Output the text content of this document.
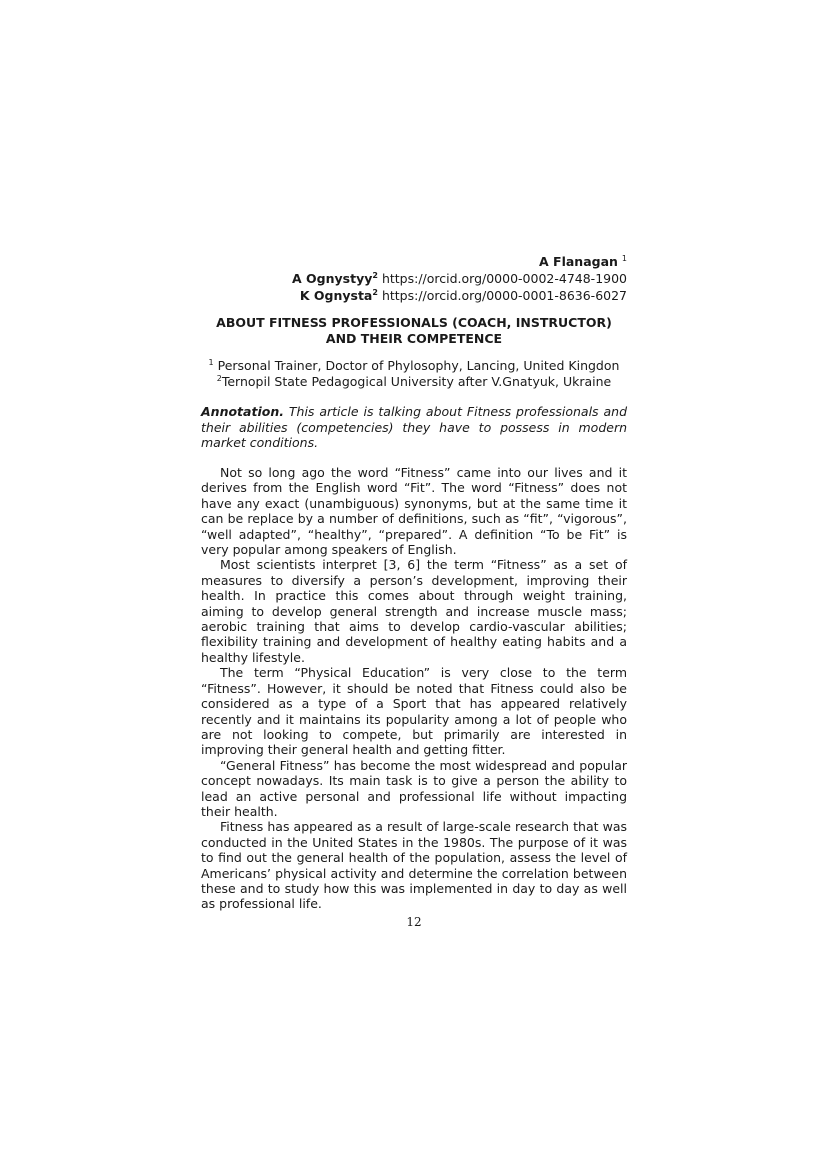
A Flanagan $^1$
A Ognystyy$^2$ https://orcid.org/0000-0002-4748-1900
K Ognysta$^2$ https://orcid.org/0000-0001-8636-6027
ABOUT FITNESS PROFESSIONALS (COACH, INSTRUCTOR)
AND THEIR COMPETENCE
$^1$ Personal Trainer, Doctor of Phylosophy, Lancing, United Kingdon
$^2$Ternopil State Pedagogical University after V.Gnatyuk, Ukraine
Annotation. This article is talking about Fitness professionals and their abilities (competencies) they have to possess in modern market conditions.

Not so long ago the word “Fitness” came into our lives and it derives from the English word “Fit”. The word “Fitness” does not have any exact (unambiguous) synonyms, but at the same time it can be replace by a number of definitions, such as “fit”, “vigorous”, “well adapted”, “healthy”, “prepared”. A definition “To be Fit” is very popular among speakers of English.

Most scientists interpret [3, 6] the term “Fitness” as a set of measures to diversify a person’s development, improving their health. In practice this comes about through weight training, aiming to develop general strength and increase muscle mass; aerobic training that aims to develop cardio-vascular abilities; flexibility training and development of healthy eating habits and a healthy lifestyle.

The term “Physical Education” is very close to the term “Fitness”. However, it should be noted that Fitness could also be considered as a type of a Sport that has appeared relatively recently and it maintains its popularity among a lot of people who are not looking to compete, but primarily are interested in improving their general health and getting fitter.

“General Fitness” has become the most widespread and popular concept nowadays. Its main task is to give a person the ability to lead an active personal and professional life without impacting their health.

Fitness has appeared as a result of large-scale research that was conducted in the United States in the 1980s. The purpose of it was to find out the general health of the population, assess the level of Americans’ physical activity and determine the correlation between these and to study how this was implemented in day to day as well as professional life.

12
